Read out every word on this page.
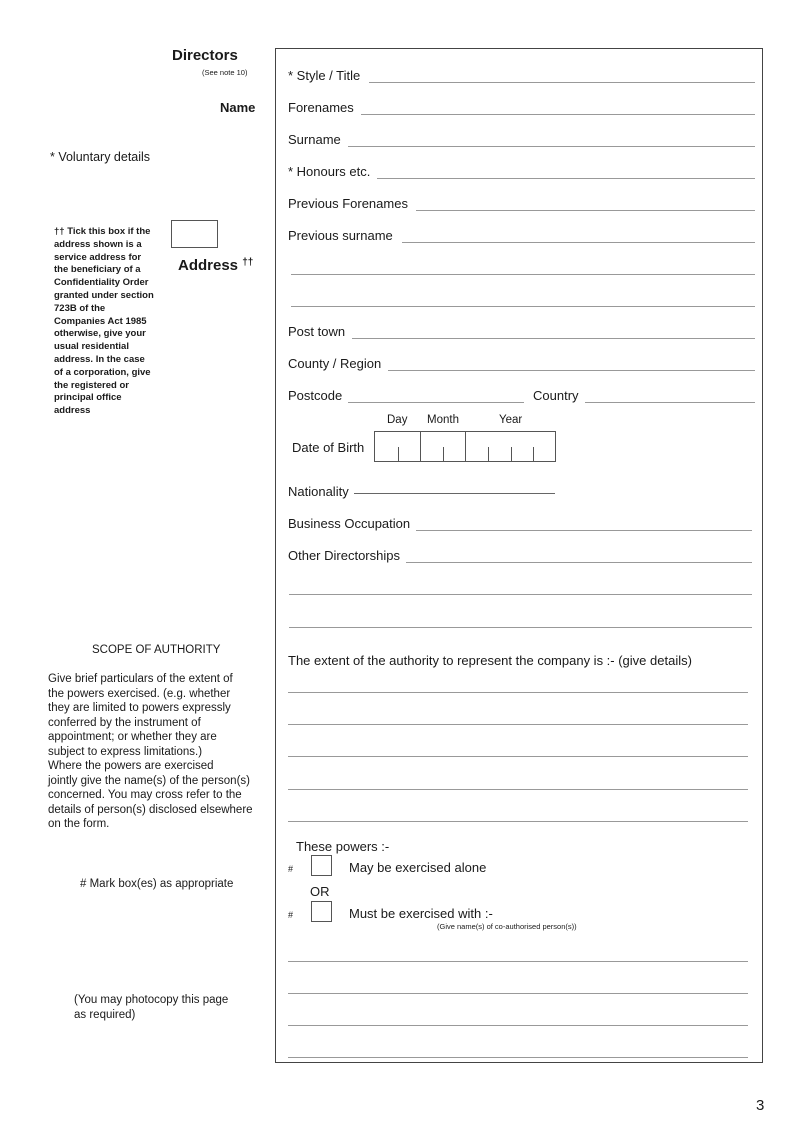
Directors
(See note 10)
Name
* Voluntary details
†† Tick this box if the
address shown is a
service address for
the beneficiary of a
Confidentiality Order
granted under section
723B of the
Companies Act 1985
otherwise, give your
usual residential
address. In the case
of a corporation, give
the registered or
principal office
address
Address ††
SCOPE OF AUTHORITY
Give brief particulars of the extent of
the powers exercised. (e.g. whether
they are limited to powers expressly
conferred by the instrument of
appointment; or whether they are
subject to express limitations.)
Where the powers are exercised
jointly give the name(s) of the person(s)
concerned. You may cross refer to the
details of person(s) disclosed elsewhere
on the form.
# Mark box(es) as appropriate
(You may photocopy this page
as required)
* Style / Title
Forenames
Surname
* Honours etc.
Previous Forenames
Previous surname
Post town
County / Region
Postcode	Country
Day Month	Year
Date of Birth
Nationality
Business Occupation
Other Directorships
The extent of the authority to represent the company is :- (give details)
These powers :-
#	May be exercised alone
OR
#	Must be exercised with :-
(Give name(s) of co-authorised person(s))
3
